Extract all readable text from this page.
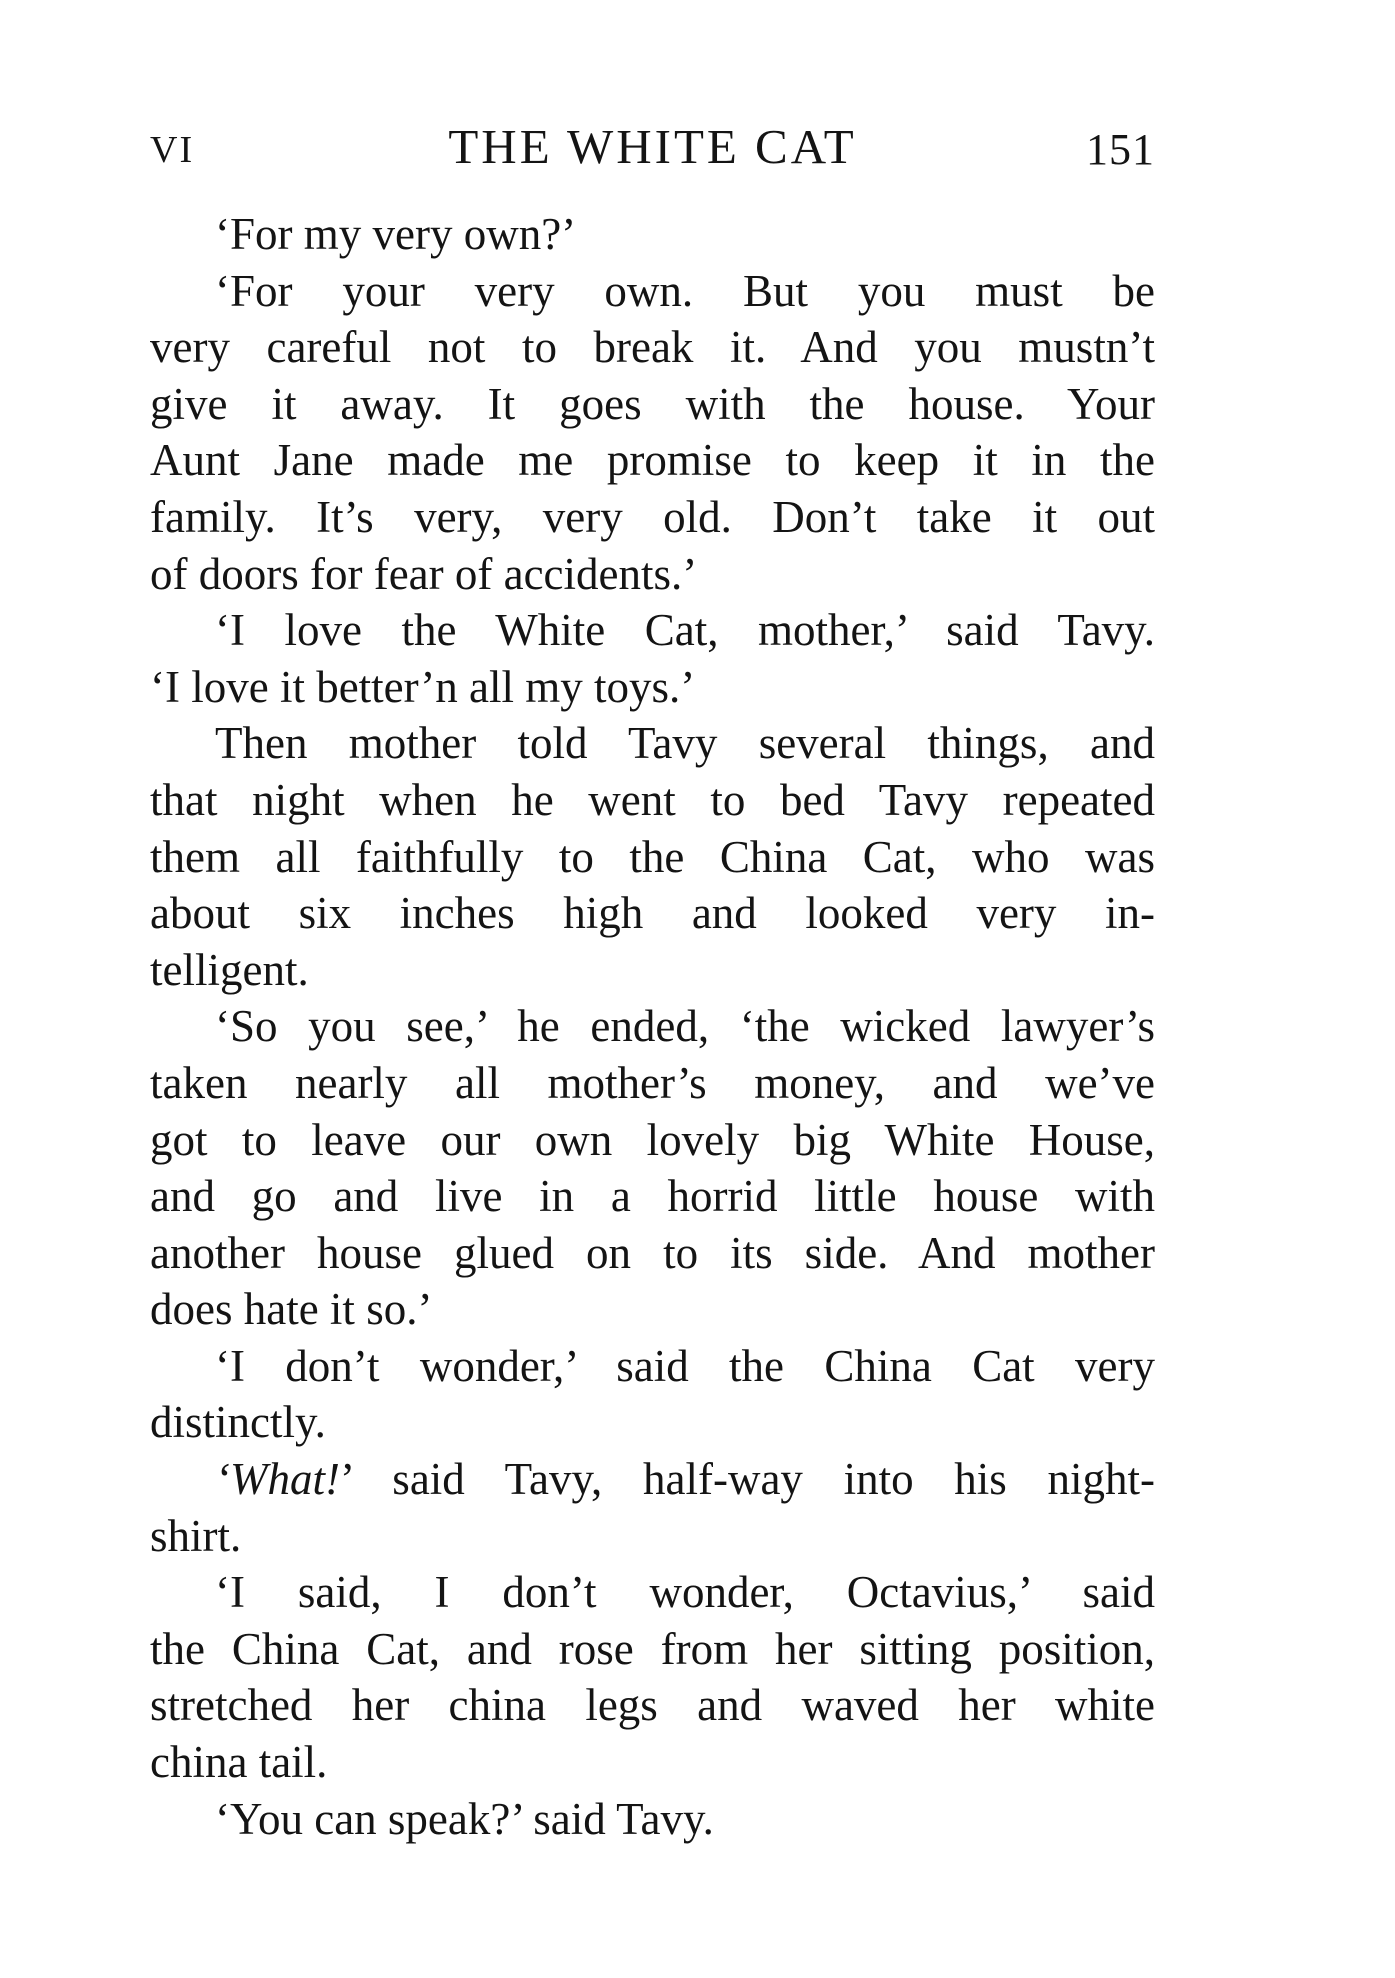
VI	THE WHITE CAT	151
‘For my very own?’
‘For your very own. But you must be
very careful not to break it. And you mustn’t
give it away. It goes with the house. Your
Aunt Jane made me promise to keep it in the
family. It’s very, very old. Don’t take it out
of doors for fear of accidents.’
‘I love the White Cat, mother,’ said Tavy.
‘I love it better’n all my toys.’
Then mother told Tavy several things, and
that night when he went to bed Tavy repeated
them all faithfully to the China Cat, who was
about six inches high and looked very in-
telligent.
‘So you see,’ he ended, ‘the wicked lawyer’s
taken nearly all mother’s money, and we’ve
got to leave our own lovely big White House,
and go and live in a horrid little house with
another house glued on to its side. And mother
does hate it so.’
‘I don’t wonder,’ said the China Cat very
distinctly.
‘What!’ said Tavy, half-way into his night-
shirt.
‘I said, I don’t wonder, Octavius,’ said
the China Cat, and rose from her sitting position,
stretched her china legs and waved her white
china tail.
‘You can speak?’ said Tavy.
